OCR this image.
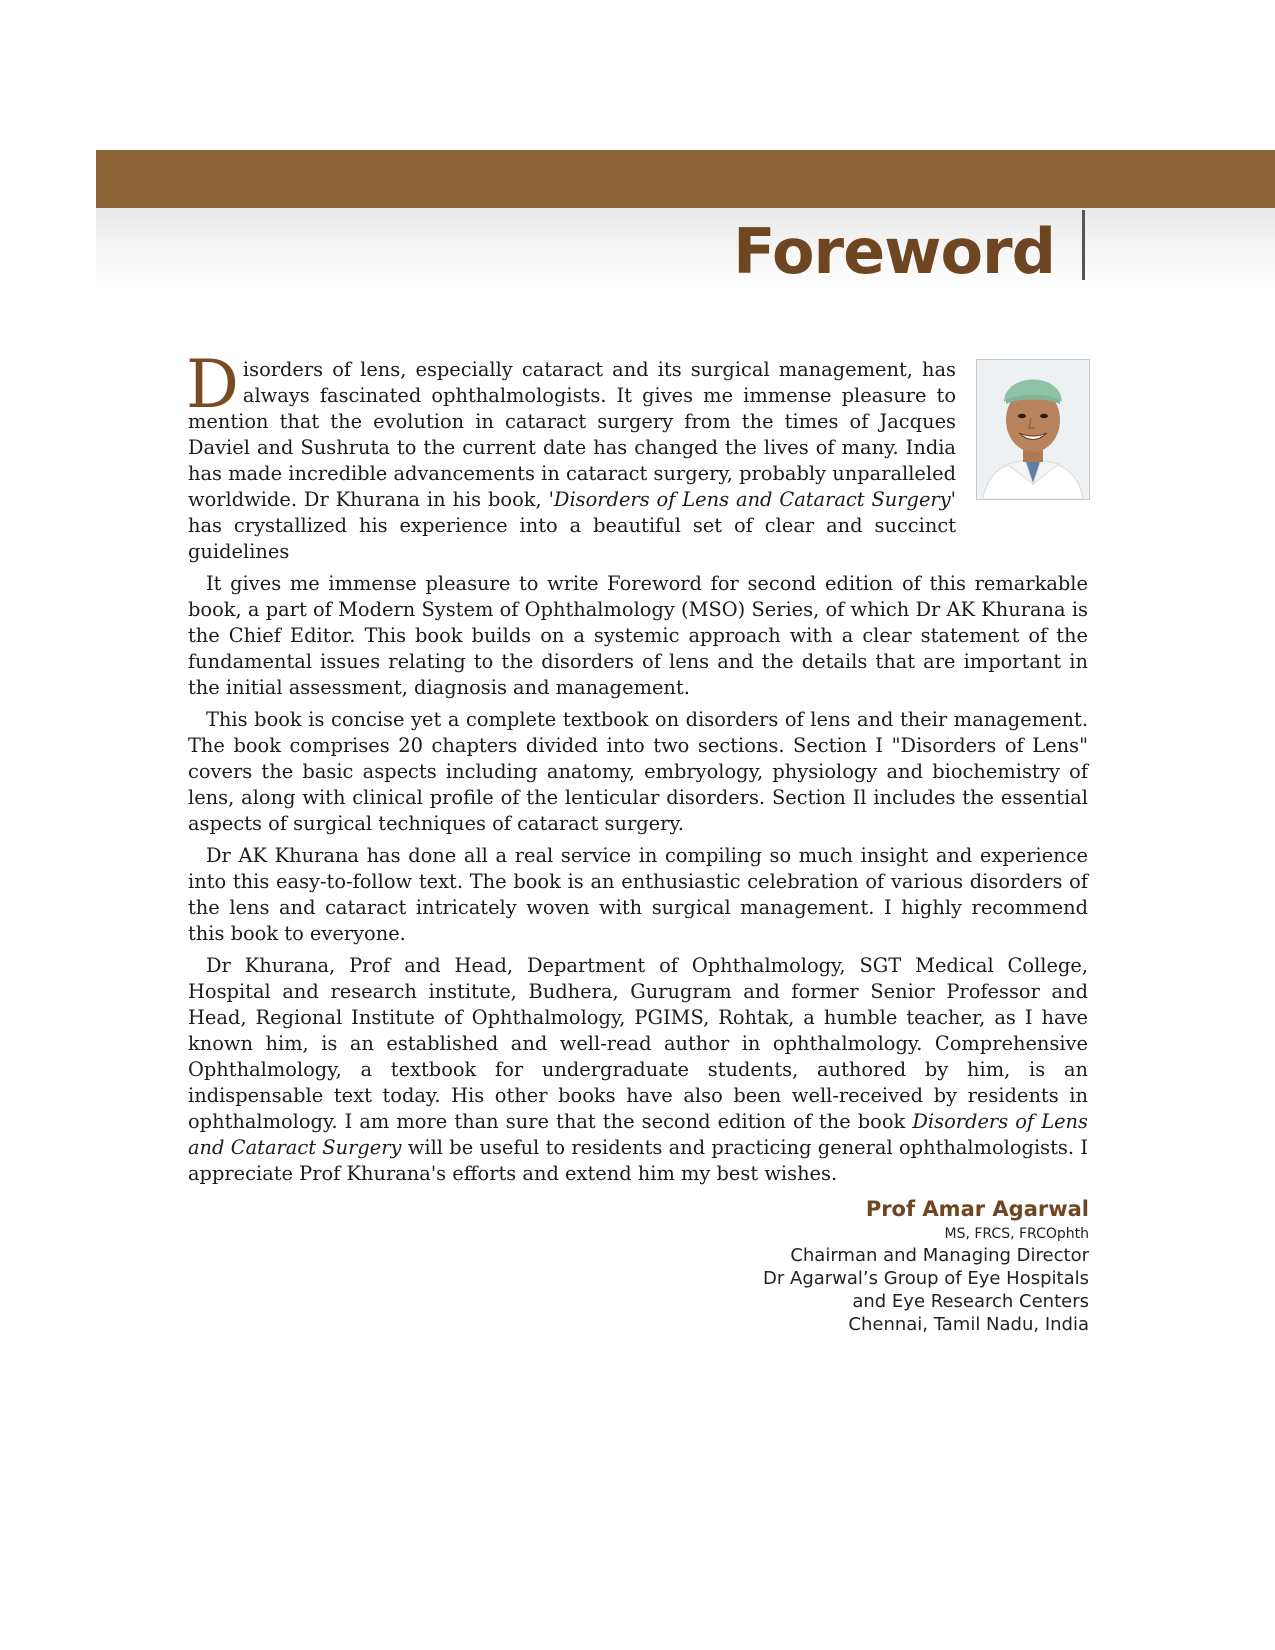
Foreword

Disorders of lens, especially cataract and its surgical management, has always fascinated ophthalmologists. It gives me immense pleasure to mention that the evolution in cataract surgery from the times of Jacques Daviel and Sushruta to the current date has changed the lives of many. India has made incredible advancements in cataract surgery, probably unparalleled worldwide. Dr Khurana in his book, 'Disorders of Lens and Cataract Surgery' has crystallized his experience into a beautiful set of clear and succinct guidelines

It gives me immense pleasure to write Foreword for second edition of this remarkable book, a part of Modern System of Ophthalmology (MSO) Series, of which Dr AK Khurana is the Chief Editor. This book builds on a systemic approach with a clear statement of the fundamental issues relating to the disorders of lens and the details that are important in the initial assessment, diagnosis and management.

This book is concise yet a complete textbook on disorders of lens and their management. The book comprises 20 chapters divided into two sections. Section I "Disorders of Lens" covers the basic aspects including anatomy, embryology, physiology and biochemistry of lens, along with clinical profile of the lenticular disorders. Section Il includes the essential aspects of surgical techniques of cataract surgery.

Dr AK Khurana has done all a real service in compiling so much insight and experience into this easy-to-follow text. The book is an enthusiastic celebration of various disorders of the lens and cataract intricately woven with surgical management. I highly recommend this book to everyone.

Dr Khurana, Prof and Head, Department of Ophthalmology, SGT Medical College, Hospital and research institute, Budhera, Gurugram and former Senior Professor and Head, Regional Institute of Ophthalmology, PGIMS, Rohtak, a humble teacher, as I have known him, is an established and well-read author in ophthalmology. Comprehensive Ophthalmology, a textbook for undergraduate students, authored by him, is an indispensable text today. His other books have also been well-received by residents in ophthalmology. I am more than sure that the second edition of the book Disorders of Lens and Cataract Surgery will be useful to residents and practicing general ophthalmologists. I appreciate Prof Khurana's efforts and extend him my best wishes.

Prof Amar Agarwal
MS, FRCS, FRCOphth
Chairman and Managing Director
Dr Agarwal’s Group of Eye Hospitals
and Eye Research Centers
Chennai, Tamil Nadu, India
